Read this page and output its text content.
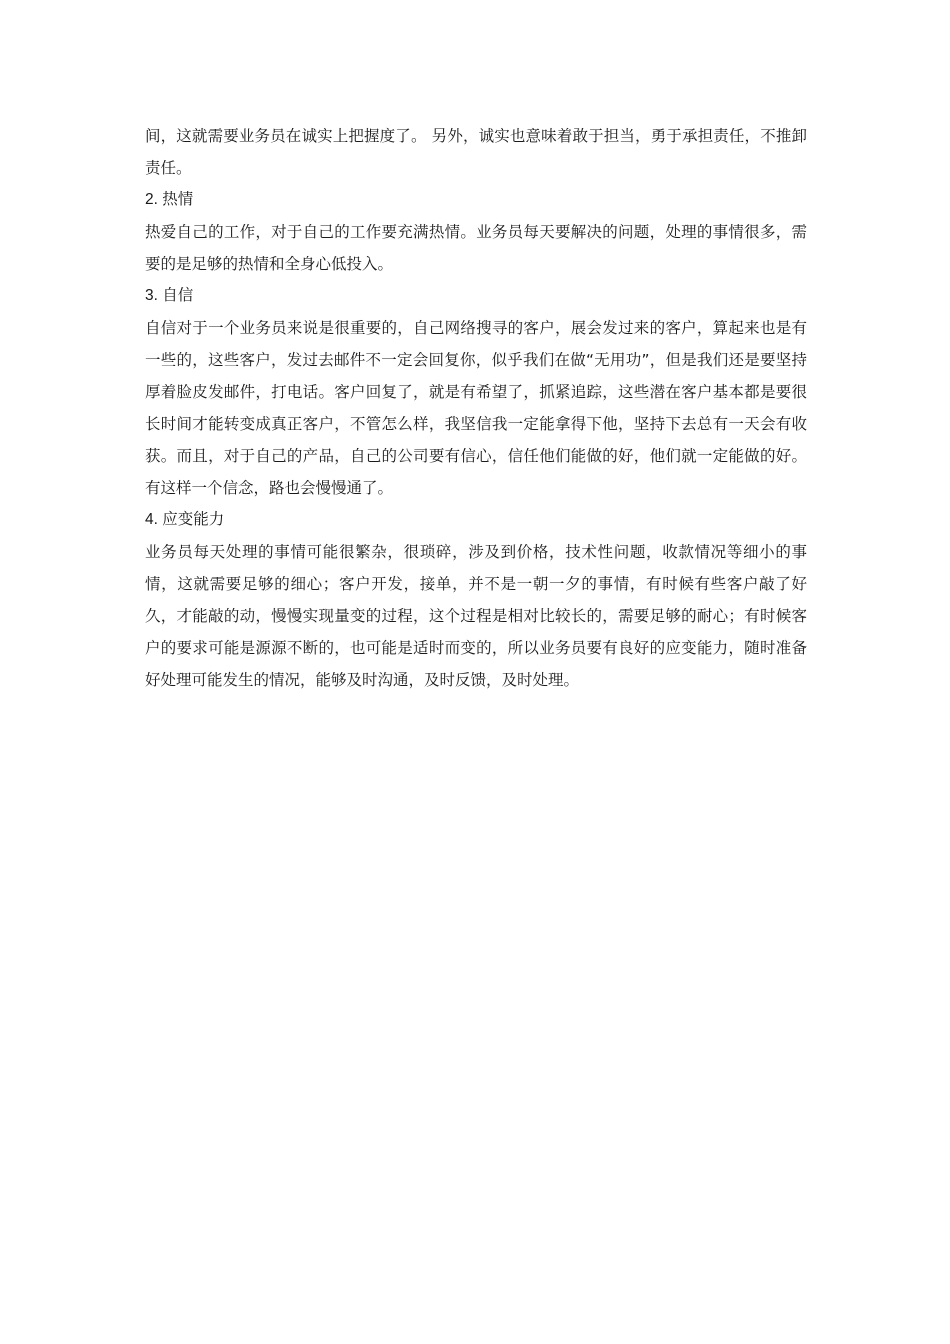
间，这就需要业务员在诚实上把握度了。 另外，诚实也意味着敢于担当，勇于承担责任，不推卸责任。

2. 热情

热爱自己的工作，对于自己的工作要充满热情。业务员每天要解决的问题，处理的事情很多，需要的是足够的热情和全身心低投入。

3. 自信

自信对于一个业务员来说是很重要的，自己网络搜寻的客户，展会发过来的客户，算起来也是有一些的，这些客户，发过去邮件不一定会回复你，似乎我们在做“无用功”，但是我们还是要坚持厚着脸皮发邮件，打电话。客户回复了，就是有希望了，抓紧追踪，这些潜在客户基本都是要很长时间才能转变成真正客户，不管怎么样，我坚信我一定能拿得下他，坚持下去总有一天会有收获。而且，对于自己的产品，自己的公司要有信心，信任他们能做的好，他们就一定能做的好。有这样一个信念，路也会慢慢通了。

4. 应变能力

业务员每天处理的事情可能很繁杂，很琐碎，涉及到价格，技术性问题，收款情况等细小的事情，这就需要足够的细心；客户开发，接单，并不是一朝一夕的事情，有时候有些客户敲了好久，才能敲的动，慢慢实现量变的过程，这个过程是相对比较长的，需要足够的耐心；有时候客户的要求可能是源源不断的，也可能是适时而变的，所以业务员要有良好的应变能力，随时准备好处理可能发生的情况，能够及时沟通，及时反馈，及时处理。
